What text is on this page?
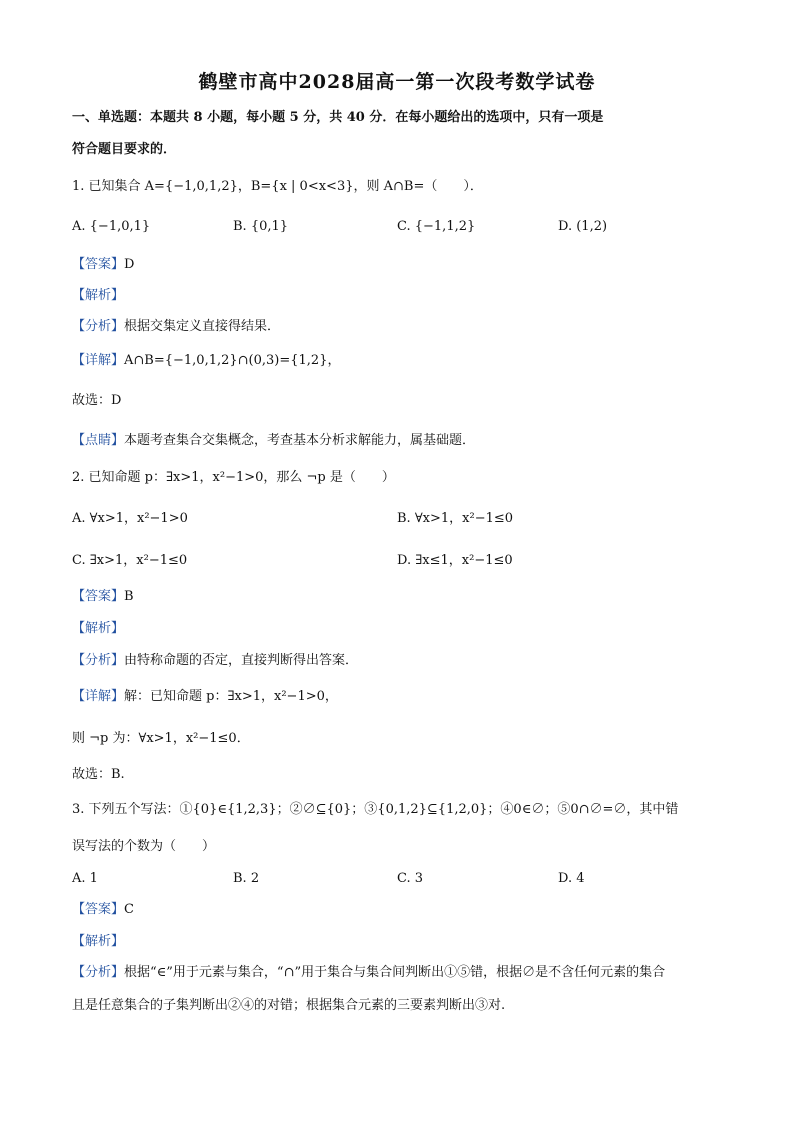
鹤壁市高中2028届高一第一次段考数学试卷
一、单选题：本题共 8 小题，每小题 5 分，共 40 分．在每小题给出的选项中，只有一项是
符合题目要求的．
1. 已知集合 A={−1,0,1,2}，B={x | 0<x<3}，则 A∩B=（　　）．
A. {−1,0,1}	B. {0,1}	C. {−1,1,2}	D. (1,2)
【答案】D
【解析】
【分析】根据交集定义直接得结果．
【详解】A∩B={−1,0,1,2}∩(0,3)={1,2}，
故选：D
【点睛】本题考查集合交集概念，考查基本分析求解能力，属基础题．
2. 已知命题 p：∃x>1，x²−1>0，那么 ¬p 是（　　）
A. ∀x>1，x²−1>0	B. ∀x>1，x²−1≤0
C. ∃x>1，x²−1≤0	D. ∃x≤1，x²−1≤0
【答案】B
【解析】
【分析】由特称命题的否定，直接判断得出答案．
【详解】解：已知命题 p：∃x>1，x²−1>0，
则 ¬p 为：∀x>1，x²−1≤0．
故选：B.
3. 下列五个写法：①{0}∈{1,2,3}；②∅⊆{0}；③{0,1,2}⊆{1,2,0}；④0∈∅；⑤0∩∅=∅，其中错
误写法的个数为（　　）
A. 1	B. 2	C. 3	D. 4
【答案】C
【解析】
【分析】根据“∈”用于元素与集合，“∩”用于集合与集合间判断出①⑤错，根据∅是不含任何元素的集合
且是任意集合的子集判断出②④的对错；根据集合元素的三要素判断出③对.
